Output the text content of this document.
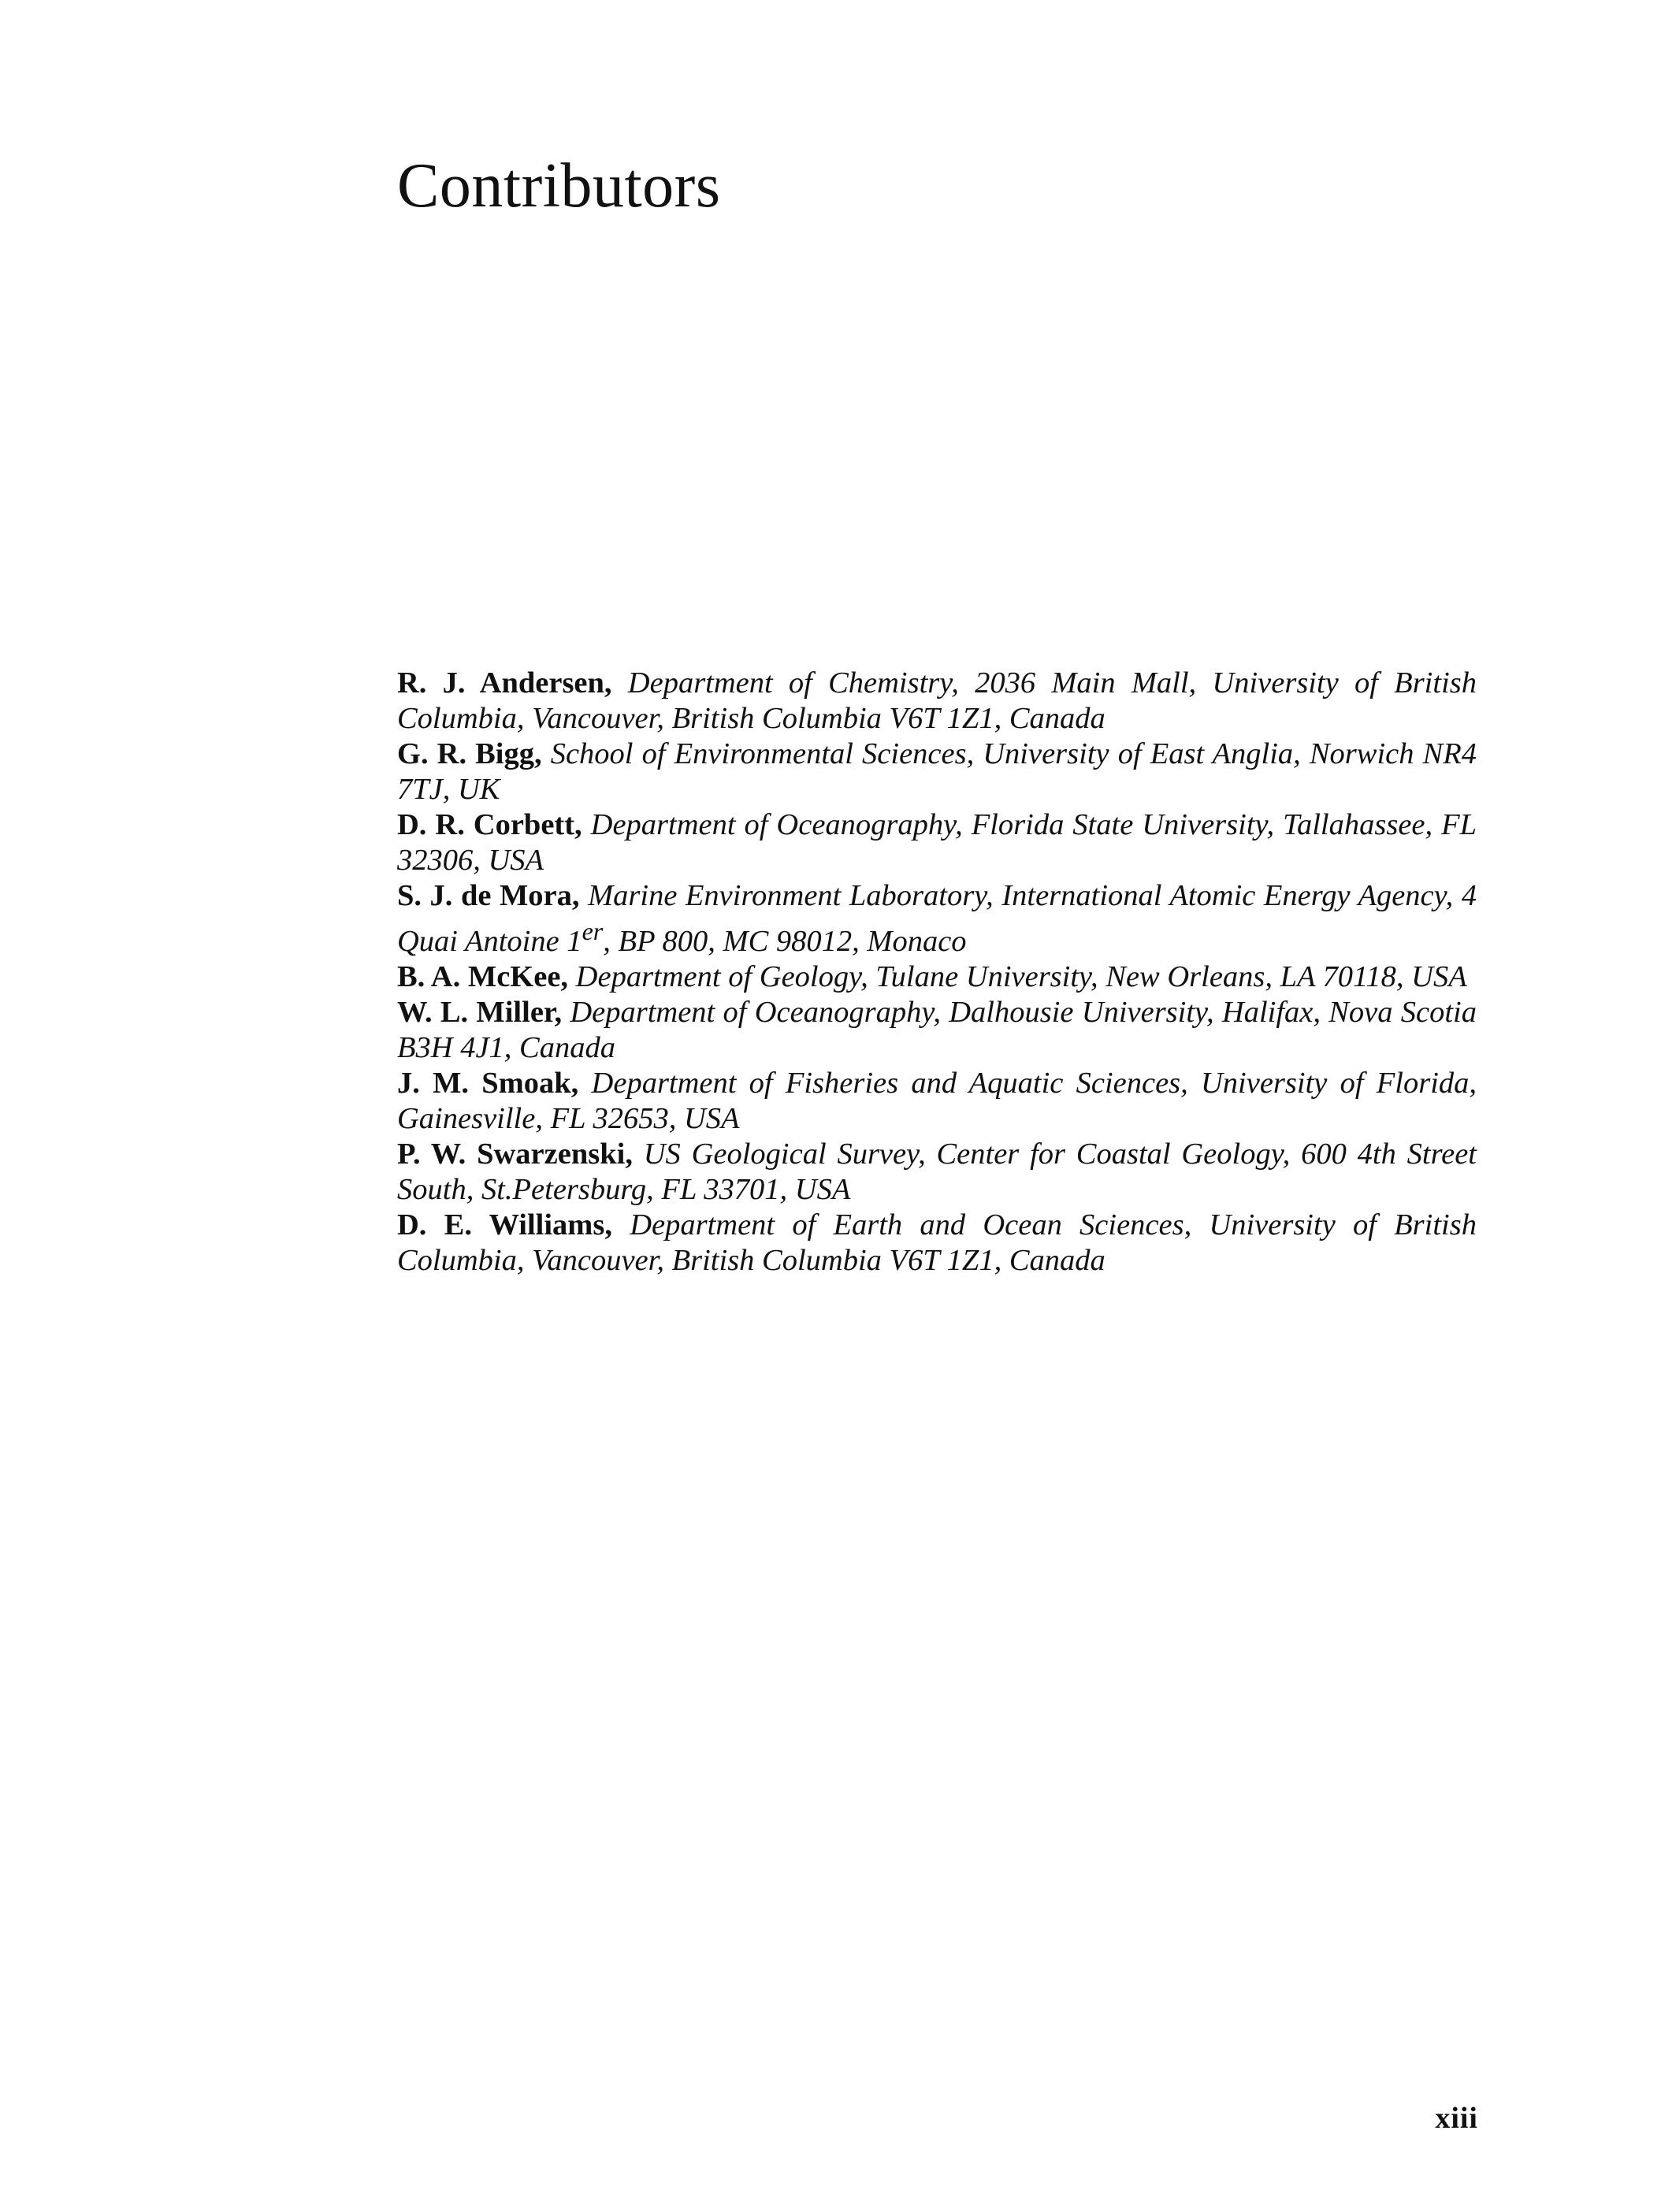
Contributors
R. J. Andersen, Department of Chemistry, 2036 Main Mall, University of British Columbia, Vancouver, British Columbia V6T 1Z1, Canada
G. R. Bigg, School of Environmental Sciences, University of East Anglia, Norwich NR4 7TJ, UK
D. R. Corbett, Department of Oceanography, Florida State University, Tallahassee, FL 32306, USA
S. J. de Mora, Marine Environment Laboratory, International Atomic Energy Agency, 4 Quai Antoine 1er, BP 800, MC 98012, Monaco
B. A. McKee, Department of Geology, Tulane University, New Orleans, LA 70118, USA
W. L. Miller, Department of Oceanography, Dalhousie University, Halifax, Nova Scotia B3H 4J1, Canada
J. M. Smoak, Department of Fisheries and Aquatic Sciences, University of Florida, Gainesville, FL 32653, USA
P. W. Swarzenski, US Geological Survey, Center for Coastal Geology, 600 4th Street South, St.Petersburg, FL 33701, USA
D. E. Williams, Department of Earth and Ocean Sciences, University of British Columbia, Vancouver, British Columbia V6T 1Z1, Canada
xiii
